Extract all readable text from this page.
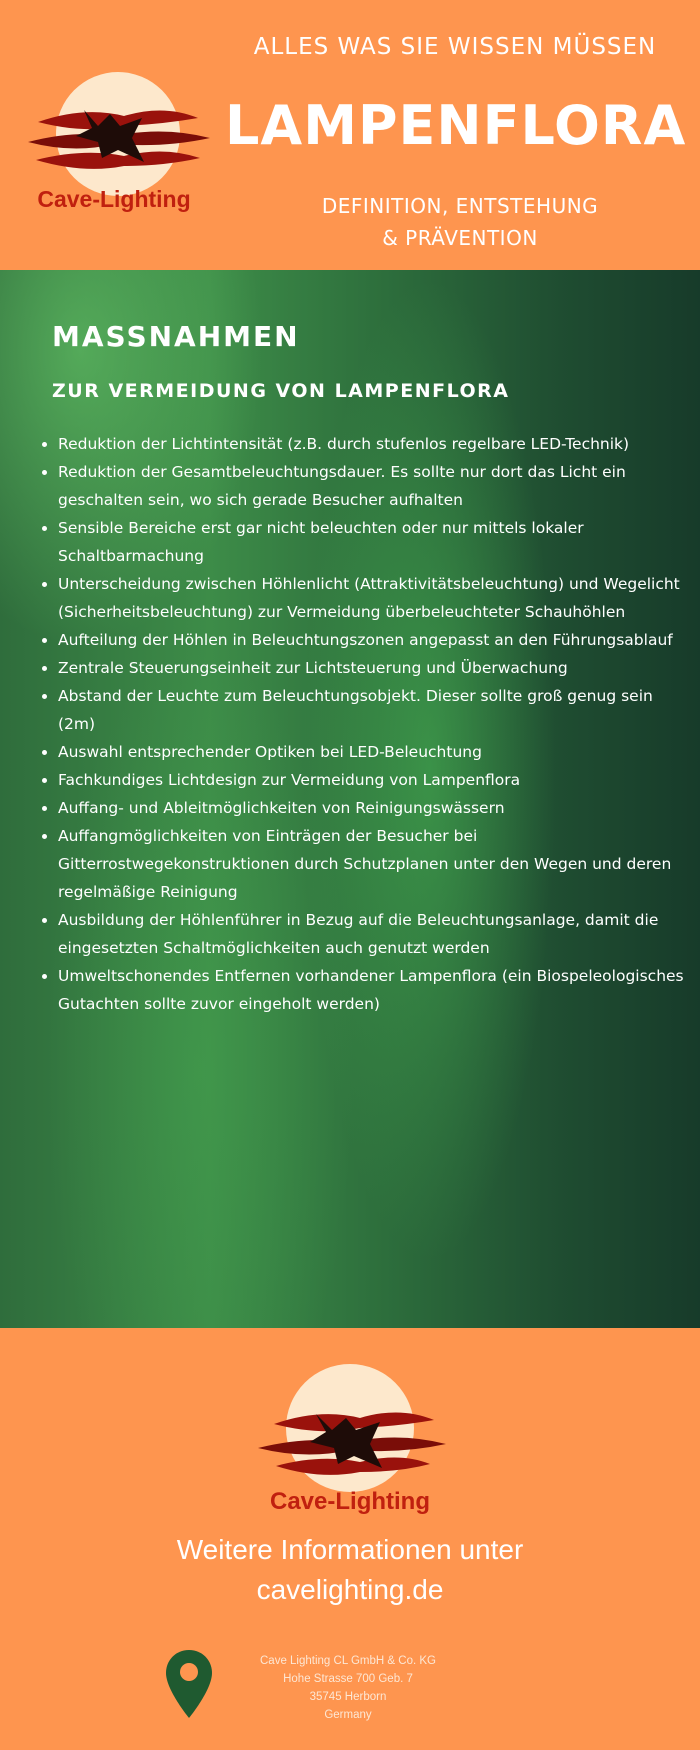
Cave-Lighting
ALLES WAS SIE WISSEN MÜSSEN
LAMPENFLORA
DEFINITION, ENTSTEHUNG
& PRÄVENTION
MASSNAHMEN
ZUR VERMEIDUNG VON LAMPENFLORA
• Reduktion der Lichtintensität (z.B. durch stufenlos regelbare LED-Technik)
• Reduktion der Gesamtbeleuchtungsdauer. Es sollte nur dort das Licht ein geschalten sein, wo sich gerade Besucher aufhalten
• Sensible Bereiche erst gar nicht beleuchten oder nur mittels lokaler Schaltbarmachung
• Unterscheidung zwischen Höhlenlicht (Attraktivitätsbeleuchtung) und Wegelicht (Sicherheitsbeleuchtung) zur Vermeidung überbeleuchteter Schauhöhlen
• Aufteilung der Höhlen in Beleuchtungszonen angepasst an den Führungsablauf
• Zentrale Steuerungseinheit zur Lichtsteuerung und Überwachung
• Abstand der Leuchte zum Beleuchtungsobjekt. Dieser sollte groß genug sein (2m)
• Auswahl entsprechender Optiken bei LED-Beleuchtung
• Fachkundiges Lichtdesign zur Vermeidung von Lampenflora
• Auffang- und Ableitmöglichkeiten von Reinigungswässern
• Auffangmöglichkeiten von Einträgen der Besucher bei Gitterrostwegekonstruktionen durch Schutzplanen unter den Wegen und deren regelmäßige Reinigung
• Ausbildung der Höhlenführer in Bezug auf die Beleuchtungsanlage, damit die eingesetzten Schaltmöglichkeiten auch genutzt werden
• Umweltschonendes Entfernen vorhandener Lampenflora (ein Biospeleologisches Gutachten sollte zuvor eingeholt werden)
Cave-Lighting
Weitere Informationen unter
cavelighting.de
Cave Lighting CL GmbH & Co. KG
Hohe Strasse 700 Geb. 7
35745 Herborn
Germany
